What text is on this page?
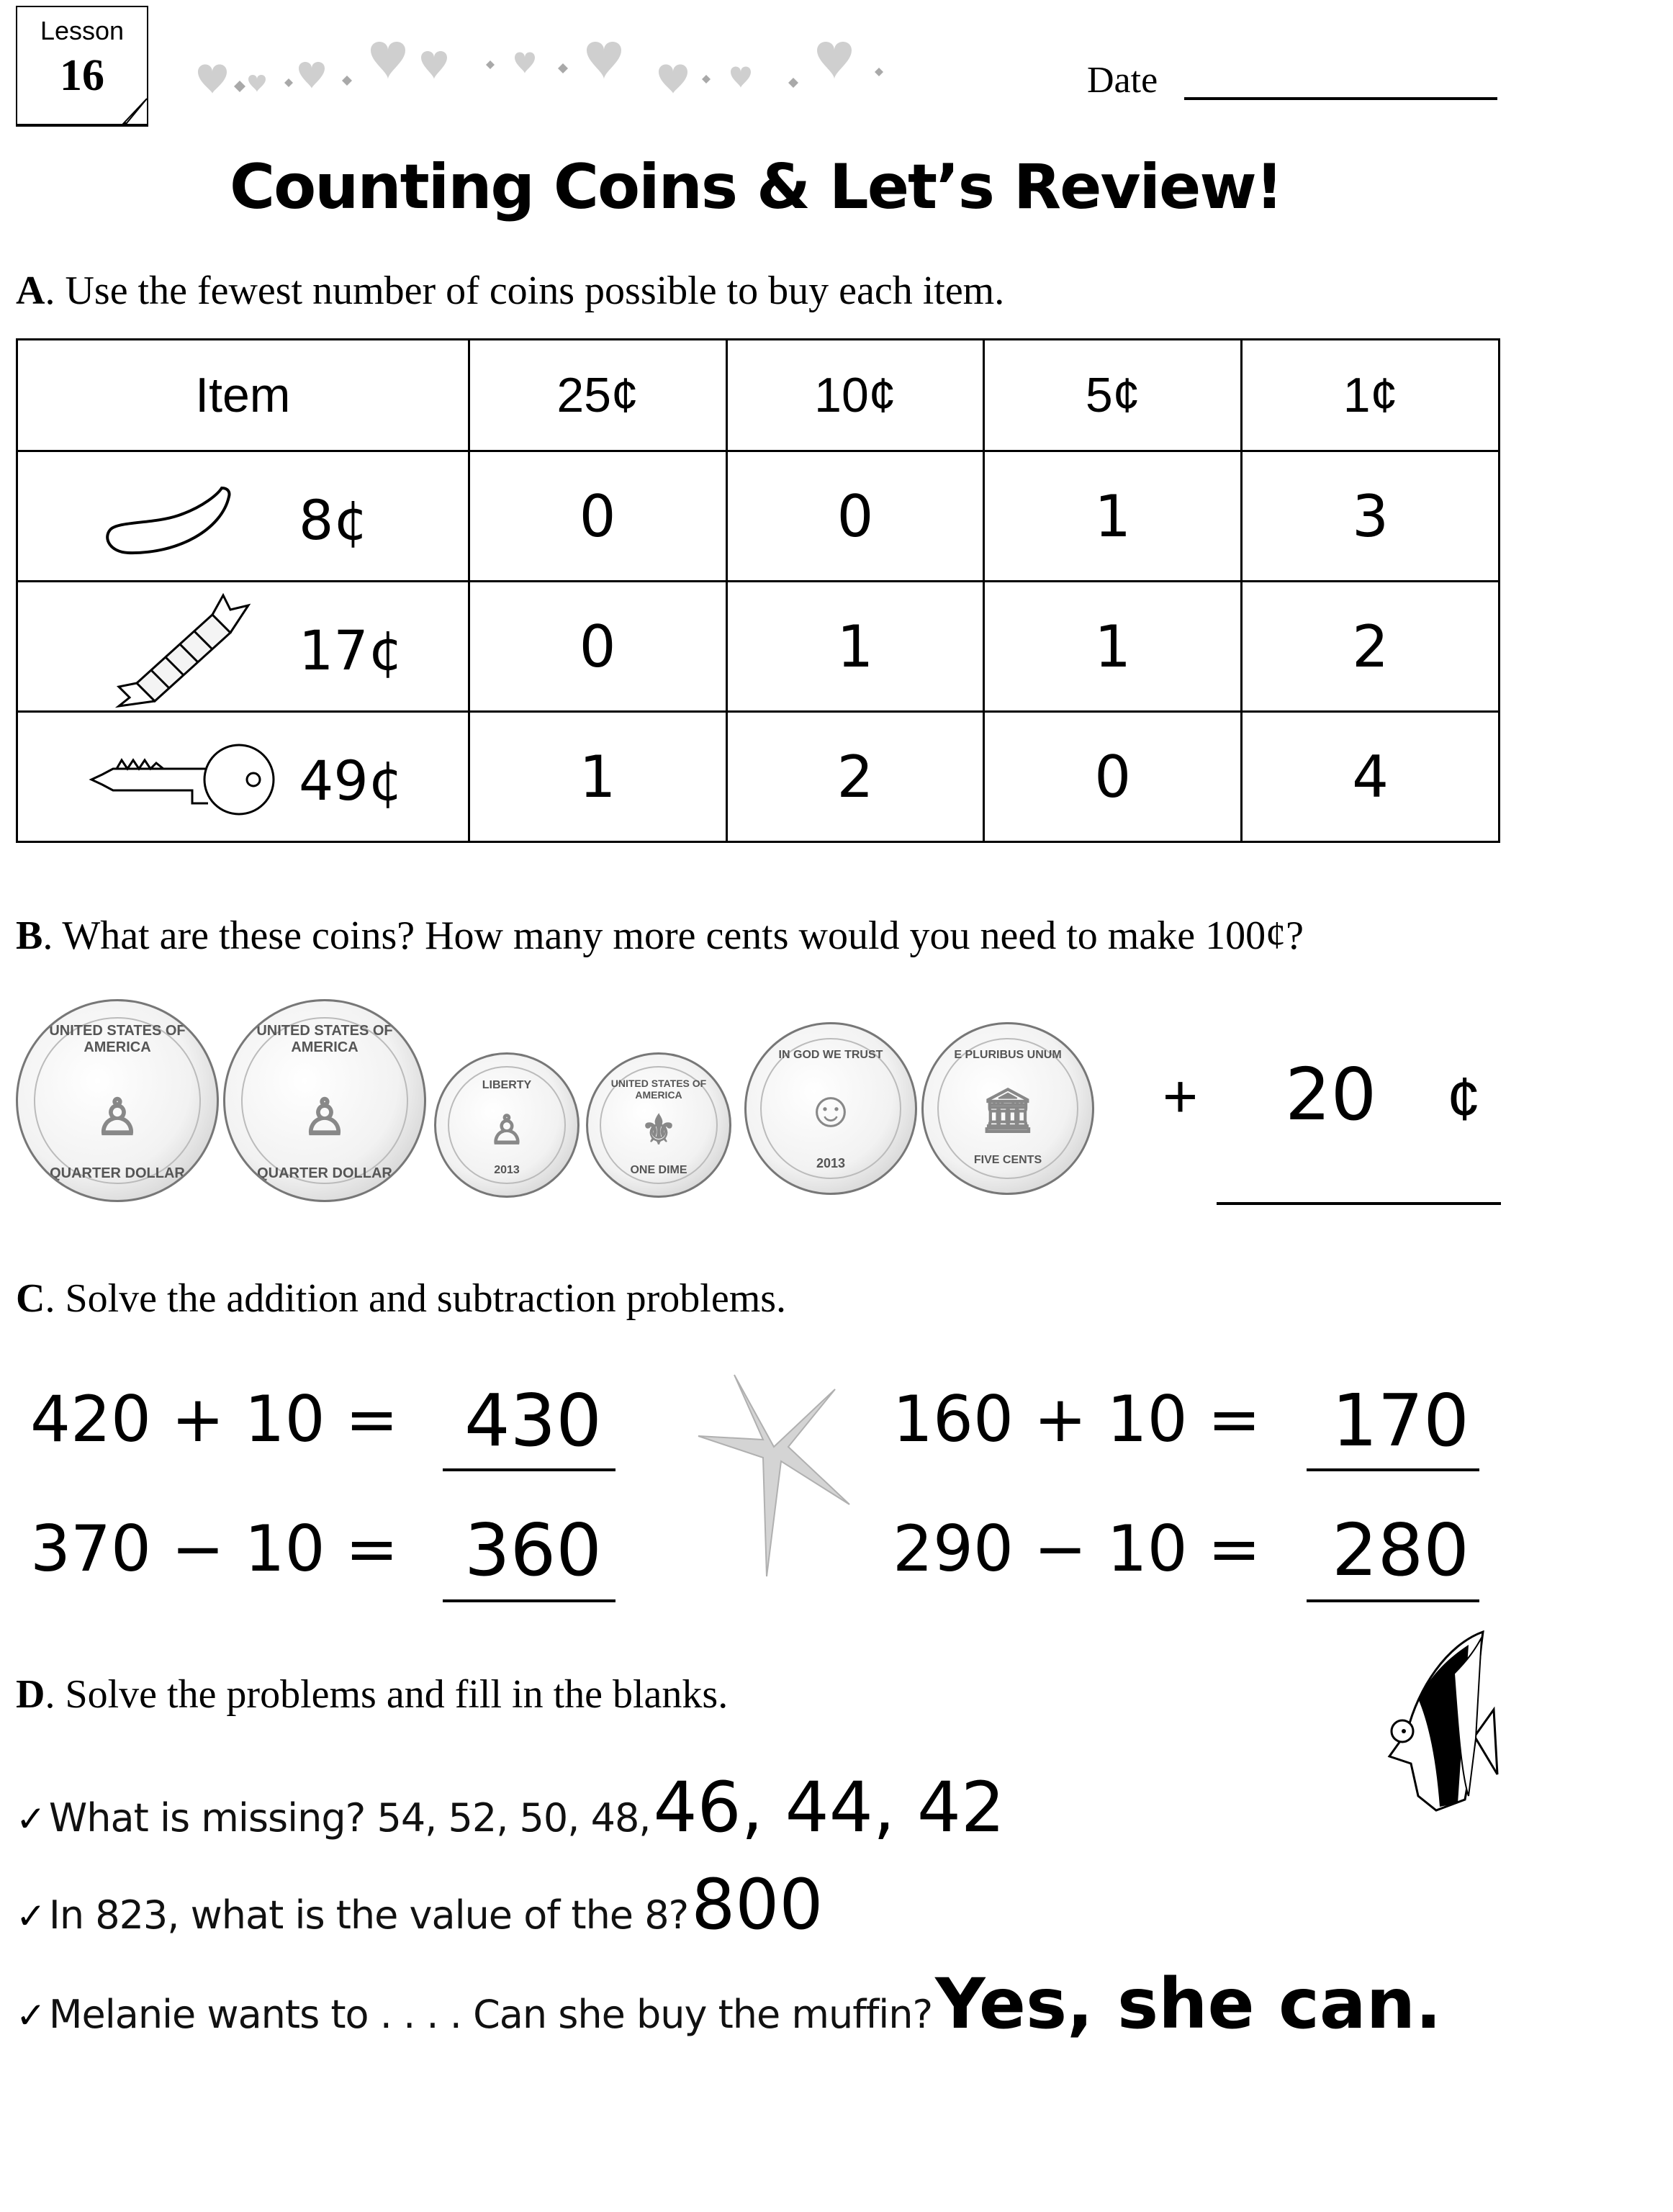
Lesson
16	Date
Counting Coins & Let’s Review!
A. Use the fewest number of coins possible to buy each item.
Item	25¢	10¢	5¢	1¢

8¢	0	0	1	3

17¢	0	1	1	2

49¢	1	2	0	4
B. What are these coins? How many more cents would you need to make 100¢?
UNITED STATES OF AMERICA
♙
QUARTER DOLLAR
UNITED STATES OF AMERICA
♙
QUARTER DOLLAR
LIBERTY
♙
2013
UNITED STATES OF AMERICA
⚜
ONE DIME
IN GOD WE TRUST
☺
2013
E PLURIBUS UNUM
🏛
FIVE CENTS
+ 20 ¢
C. Solve the addition and subtraction problems.
420 + 10 = 430	160 + 10 = 170
370 − 10 = 360	290 − 10 = 280
D. Solve the problems and fill in the blanks.
✓ What is missing? 54, 52, 50, 48, 46, 44, 42
✓ In 823, what is the value of the 8? 800
✓ Melanie wants to . . . . Can she buy the muffin? Yes, she can.
